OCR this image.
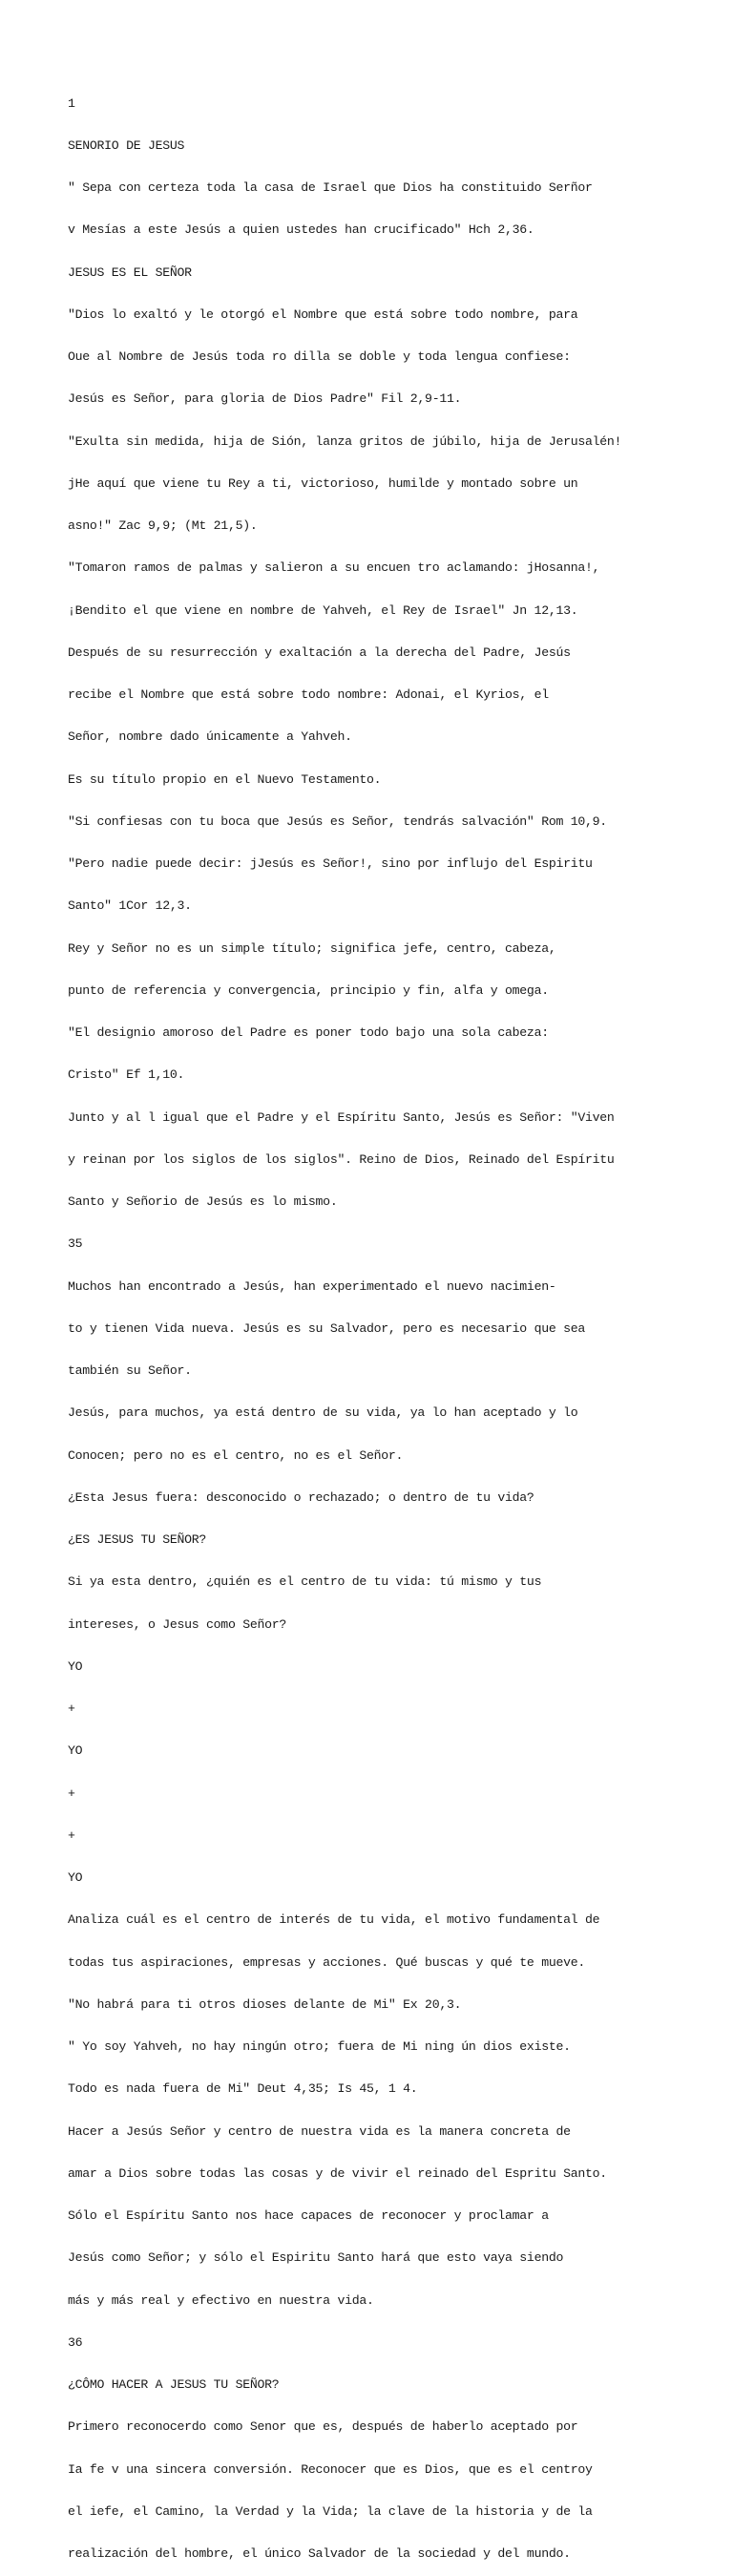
1

SENORIO DE JESUS

" Sepa con certeza toda la casa de Israel que Dios ha constituido Serñor

v Mesías a este Jesús a quien ustedes han crucificado" Hch 2,36.

JESUS ES EL SEÑOR

"Dios lo exaltó y le otorgó el Nombre que está sobre todo nombre, para

Oue al Nombre de Jesús toda ro dilla se doble y toda lengua confiese:

Jesús es Señor, para gloria de Dios Padre" Fil 2,9-11.

"Exulta sin medida, hija de Sión, lanza gritos de júbilo, hija de Jerusalén!

jHe aquí que viene tu Rey a ti, victorioso, humilde y montado sobre un

asno!" Zac 9,9; (Mt 21,5).

"Tomaron ramos de palmas y salieron a su encuen tro aclamando: jHosanna!,

¡Bendito el que viene en nombre de Yahveh, el Rey de Israel" Jn 12,13.

Después de su resurrección y exaltación a la derecha del Padre, Jesús

recibe el Nombre que está sobre todo nombre: Adonai, el Kyrios, el

Señor, nombre dado únicamente a Yahveh.

Es su título propio en el Nuevo Testamento.

"Si confiesas con tu boca que Jesús es Señor, tendrás salvación" Rom 10,9.

"Pero nadie puede decir: jJesús es Señor!, sino por influjo del Espiritu

Santo" 1Cor 12,3.

Rey y Señor no es un simple título; significa jefe, centro, cabeza,

punto de referencia y convergencia, principio y fin, alfa y omega.

"El designio amoroso del Padre es poner todo bajo una sola cabeza:

Cristo" Ef 1,10.

Junto y al l igual que el Padre y el Espíritu Santo, Jesús es Señor: "Viven

y reinan por los siglos de los siglos". Reino de Dios, Reinado del Espíritu

Santo y Señorio de Jesús es lo mismo.

35

Muchos han encontrado a Jesús, han experimentado el nuevo nacimien-

to y tienen Vida nueva. Jesús es su Salvador, pero es necesario que sea

también su Señor.

Jesús, para muchos, ya está dentro de su vida, ya lo han aceptado y lo

Conocen; pero no es el centro, no es el Señor.

¿Esta Jesus fuera: desconocido o rechazado; o dentro de tu vida?

¿ES JESUS TU SEÑOR?

Si ya esta dentro, ¿quién es el centro de tu vida: tú mismo y tus

intereses, o Jesus como Señor?

YO

+

YO

+

+

YO

Analiza cuál es el centro de interés de tu vida, el motivo fundamental de

todas tus aspiraciones, empresas y acciones. Qué buscas y qué te mueve.

"No habrá para ti otros dioses delante de Mi" Ex 20,3.

" Yo soy Yahveh, no hay ningún otro; fuera de Mi ning ún dios existe.

Todo es nada fuera de Mi" Deut 4,35; Is 45, 1 4.

Hacer a Jesús Señor y centro de nuestra vida es la manera concreta de

amar a Dios sobre todas las cosas y de vivir el reinado del Espritu Santo.

Sólo el Espíritu Santo nos hace capaces de reconocer y proclamar a

Jesús como Señor; y sólo el Espiritu Santo hará que esto vaya siendo

más y más real y efectivo en nuestra vida.

36

¿CÔMO HACER A JESUS TU SEÑOR?

Primero reconocerdo como Senor que es, después de haberlo aceptado por

Ia fe v una sincera conversión. Reconocer que es Dios, que es el centroy

el iefe, el Camino, la Verdad y la Vida; la clave de la historia y de la

realización del hombre, el único Salvador de la sociedad y del mundo.
